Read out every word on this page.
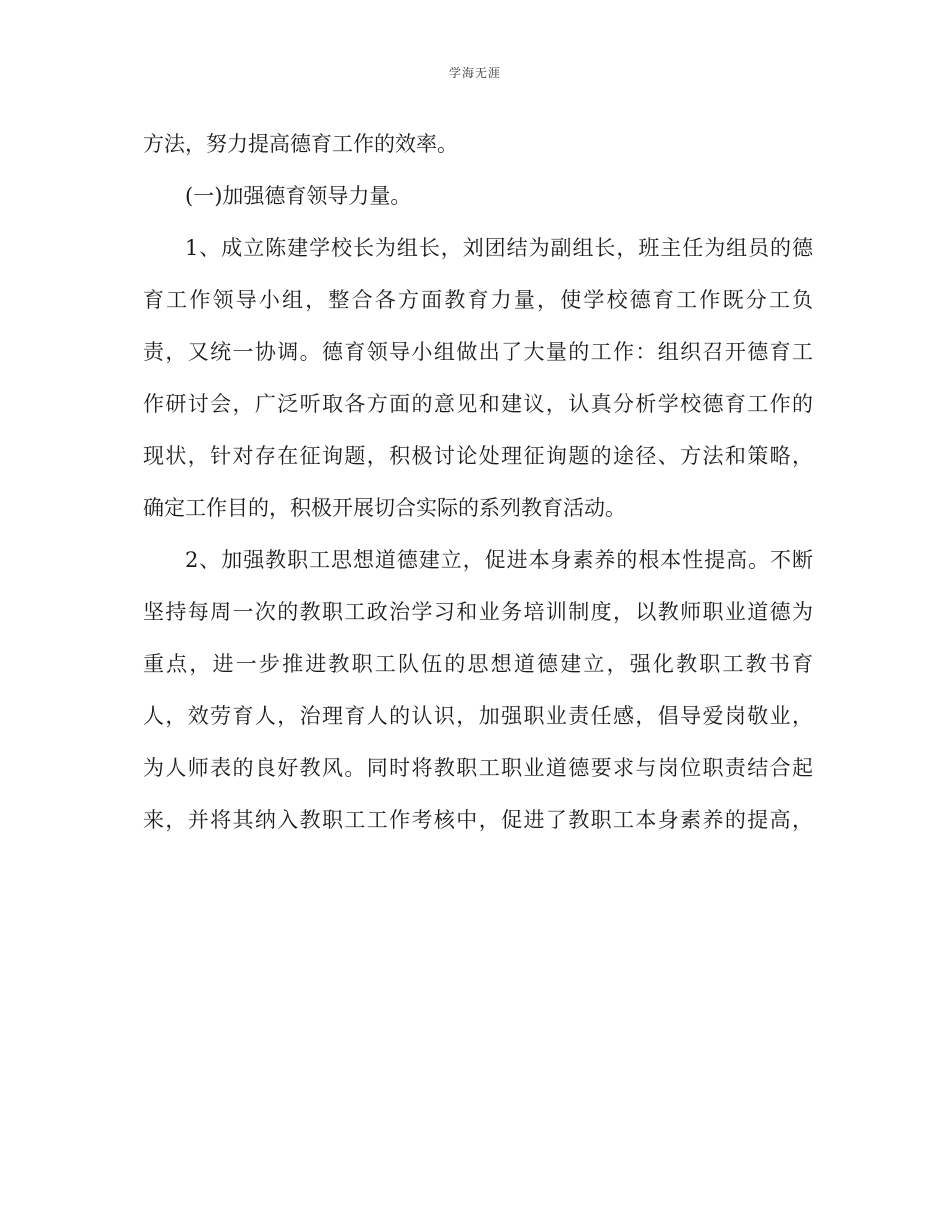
学海无涯
方法，努力提高德育工作的效率。
(一)加强德育领导力量。
1、成立陈建学校长为组长，刘团结为副组长，班主任为组员的德
育工作领导小组，整合各方面教育力量，使学校德育工作既分工负
责，又统一协调。德育领导小组做出了大量的工作：组织召开德育工
作研讨会，广泛听取各方面的意见和建议，认真分析学校德育工作的
现状，针对存在征询题，积极讨论处理征询题的途径、方法和策略，
确定工作目的，积极开展切合实际的系列教育活动。
2、加强教职工思想道德建立，促进本身素养的根本性提高。不断
坚持每周一次的教职工政治学习和业务培训制度，以教师职业道德为
重点，进一步推进教职工队伍的思想道德建立，强化教职工教书育
人，效劳育人，治理育人的认识，加强职业责任感，倡导爱岗敬业，
为人师表的良好教风。同时将教职工职业道德要求与岗位职责结合起
来，并将其纳入教职工工作考核中，促进了教职工本身素养的提高，
